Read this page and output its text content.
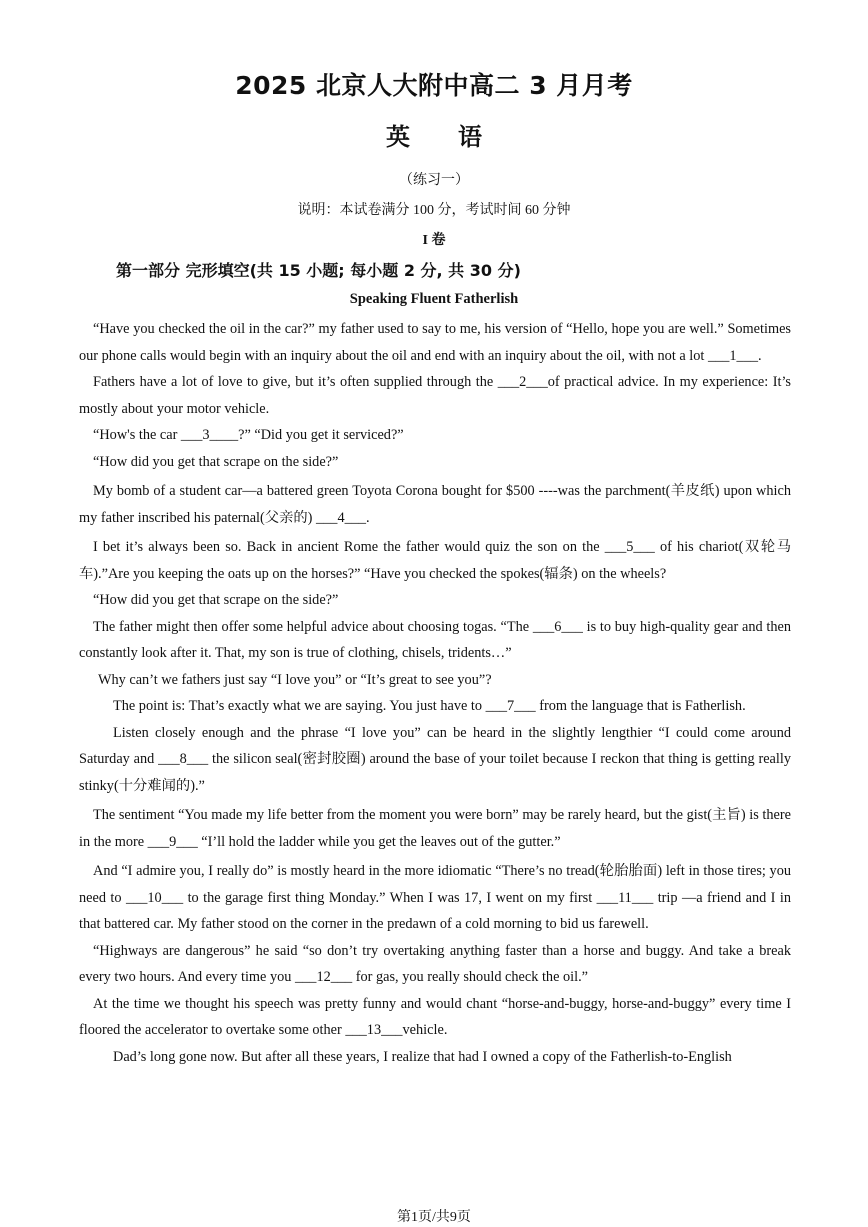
2025 北京人大附中高二 3 月月考
英语
（练习一）
说明：本试卷满分 100 分，考试时间 60 分钟
I 卷
第一部分 完形填空(共 15 小题; 每小题 2 分, 共 30 分)
Speaking Fluent Fatherlish

“Have you checked the oil in the car?” my father used to say to me, his version of “Hello, hope you are well.” Sometimes our phone calls would begin with an inquiry about the oil and end with an inquiry about the oil, with not a lot ___1___.

Fathers have a lot of love to give, but it’s often supplied through the ___2___of practical advice. In my experience: It’s mostly about your motor vehicle.

“How's the car ___3____?” “Did you get it serviced?”

“How did you get that scrape on the side?”

My bomb of a student car—a battered green Toyota Corona bought for $500 ----was the parchment(羊皮纸) upon which my father inscribed his paternal(父亲的) ___4___.

I bet it’s always been so. Back in ancient Rome the father would quiz the son on the ___5___ of his chariot(双轮马车).”Are you keeping the oats up on the horses?” “Have you checked the spokes(辐条) on the wheels?

“How did you get that scrape on the side?”

The father might then offer some helpful advice about choosing togas. “The ___6___ is to buy high-quality gear and then constantly look after it. That, my son is true of clothing, chisels, tridents…”

Why can’t we fathers just say “I love you” or “It’s great to see you”?

The point is: That’s exactly what we are saying. You just have to ___7___ from the language that is Fatherlish.

Listen closely enough and the phrase “I love you” can be heard in the slightly lengthier “I could come around Saturday and ___8___ the silicon seal(密封胶圈) around the base of your toilet because I reckon that thing is getting really stinky(十分难闻的).”

The sentiment “You made my life better from the moment you were born” may be rarely heard, but the gist(主旨) is there in the more ___9___ “I’ll hold the ladder while you get the leaves out of the gutter.”

And “I admire you, I really do” is mostly heard in the more idiomatic “There’s no tread(轮胎胎面) left in those tires; you need to ___10___ to the garage first thing Monday.” When I was 17, I went on my first ___11___ trip —a friend and I in that battered car. My father stood on the corner in the predawn of a cold morning to bid us farewell.

“Highways are dangerous” he said “so don’t try overtaking anything faster than a horse and buggy. And take a break every two hours. And every time you ___12___ for gas, you really should check the oil.”

At the time we thought his speech was pretty funny and would chant “horse-and-buggy, horse-and-buggy” every time I floored the accelerator to overtake some other ___13___vehicle.

Dad’s long gone now. But after all these years, I realize that had I owned a copy of the Fatherlish-to-English

第1页/共9页
